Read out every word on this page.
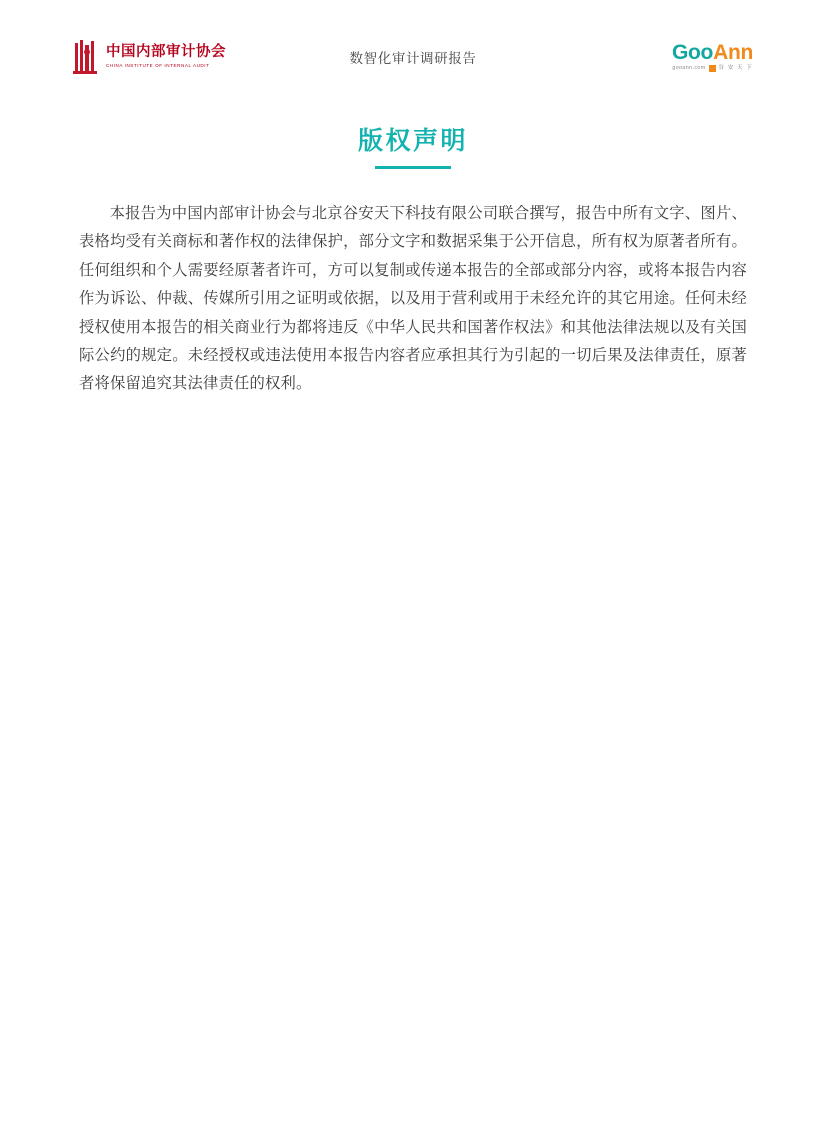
中国内部审计协会
CHINA INSTITUTE OF INTERNAL AUDIT	数智化审计调研报告	GooAnn
gooann.com 谷 安 天 下
版权声明
本报告为中国内部审计协会与北京谷安天下科技有限公司联合撰写，报告中所有文字、图片、表格均受有关商标和著作权的法律保护，部分文字和数据采集于公开信息，所有权为原著者所有。任何组织和个人需要经原著者许可，方可以复制或传递本报告的全部或部分内容，或将本报告内容作为诉讼、仲裁、传媒所引用之证明或依据，以及用于营利或用于未经允许的其它用途。任何未经授权使用本报告的相关商业行为都将违反《中华人民共和国著作权法》和其他法律法规以及有关国际公约的规定。未经授权或违法使用本报告内容者应承担其行为引起的一切后果及法律责任，原著者将保留追究其法律责任的权利。
